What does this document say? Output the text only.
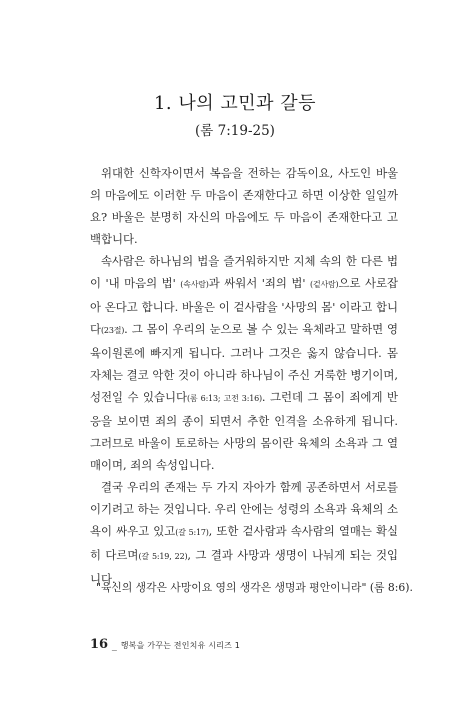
1. 나의 고민과 갈등
(롬 7:19-25)

위대한 신학자이면서 복음을 전하는 감독이요, 사도인 바울의 마음에도 이러한 두 마음이 존재한다고 하면 이상한 일일까요? 바울은 분명히 자신의 마음에도 두 마음이 존재한다고 고백합니다.

속사람은 하나님의 법을 즐거워하지만 지체 속의 한 다른 법이 '내 마음의 법' (속사람)과 싸워서 '죄의 법' (겉사람)으로 사로잡아 온다고 합니다. 바울은 이 겉사람을 '사망의 몸' 이라고 합니다(23절). 그 몸이 우리의 눈으로 볼 수 있는 육체라고 말하면 영육이원론에 빠지게 됩니다. 그러나 그것은 옳지 않습니다. 몸 자체는 결코 악한 것이 아니라 하나님이 주신 거룩한 병기이며, 성전일 수 있습니다(롬 6:13; 고전 3:16). 그런데 그 몸이 죄에게 반응을 보이면 죄의 종이 되면서 추한 인격을 소유하게 됩니다. 그러므로 바울이 토로하는 사망의 몸이란 육체의 소욕과 그 열매이며, 죄의 속성입니다.

결국 우리의 존재는 두 가지 자아가 함께 공존하면서 서로를 이기려고 하는 것입니다. 우리 안에는 성령의 소욕과 육체의 소욕이 싸우고 있고(갈 5:17), 또한 겉사람과 속사람의 열매는 확실히 다르며(갈 5:19, 22), 그 결과 사망과 생명이 나눠게 되는 것입니다.

"육신의 생각은 사망이요 영의 생각은 생명과 평안이니라" (롬 8:6).
16 _ 행복을 가꾸는 전인치유 시리즈 1
